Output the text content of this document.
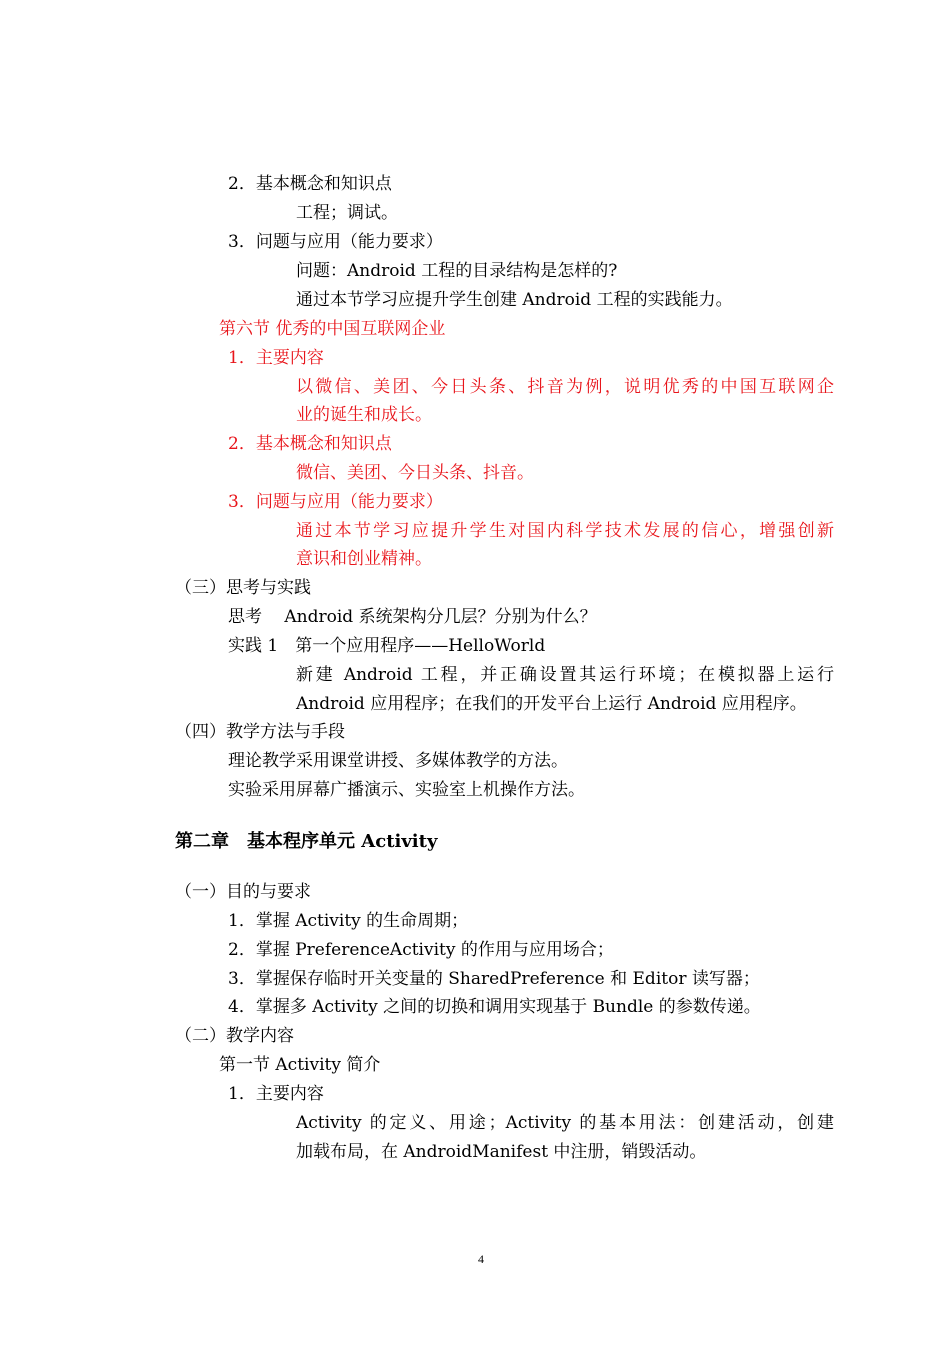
2．基本概念和知识点
工程；调试。
3．问题与应用（能力要求）
问题：Android 工程的目录结构是怎样的?
通过本节学习应提升学生创建 Android 工程的实践能力。
第六节 优秀的中国互联网企业
1．主要内容
以微信、美团、今日头条、抖音为例，说明优秀的中国互联网企
业的诞生和成长。
2．基本概念和知识点
微信、美团、今日头条、抖音。
3．问题与应用（能力要求）
通过本节学习应提升学生对国内科学技术发展的信心，增强创新
意识和创业精神。
（三）思考与实践
思考　 Android 系统架构分几层？分别为什么？
实践 1　第一个应用程序——HelloWorld
新建 Android 工程，并正确设置其运行环境；在模拟器上运行
Android 应用程序；在我们的开发平台上运行 Android 应用程序。
（四）教学方法与手段
理论教学采用课堂讲授、多媒体教学的方法。
实验采用屏幕广播演示、实验室上机操作方法。
第二章　基本程序单元 Activity
（一）目的与要求
1．掌握 Activity 的生命周期；
2．掌握 PreferenceActivity 的作用与应用场合；
3．掌握保存临时开关变量的 SharedPreference 和 Editor 读写器；
4．掌握多 Activity 之间的切换和调用实现基于 Bundle 的参数传递。
（二）教学内容
第一节 Activity 简介
1．主要内容
Activity 的定义、用途；Activity 的基本用法：创建活动，创建
加载布局，在 AndroidManifest 中注册，销毁活动。
4
